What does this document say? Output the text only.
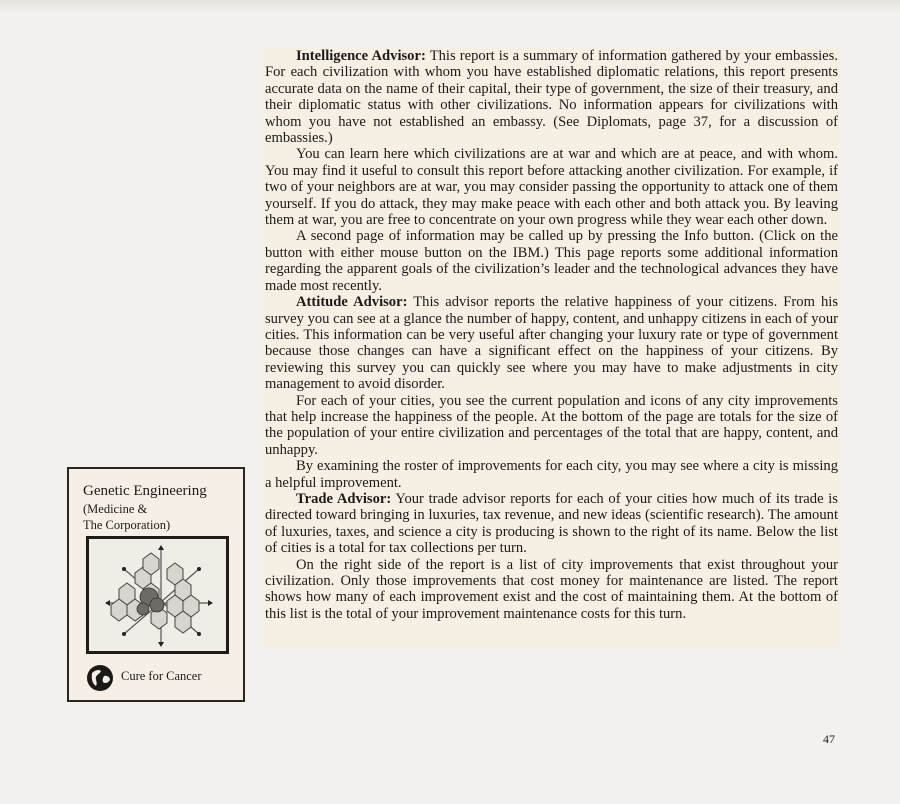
Intelligence Advisor: This report is a summary of information gathered by your embassies. For each civilization with whom you have established diplomatic relations, this report presents accurate data on the name of their capital, their type of government, the size of their treasury, and their diplomatic status with other civilizations. No information appears for civilizations with whom you have not established an embassy. (See Diplomats, page 37, for a discussion of embassies.)

You can learn here which civilizations are at war and which are at peace, and with whom. You may find it useful to consult this report before attacking another civilization. For example, if two of your neighbors are at war, you may consider passing the opportunity to attack one of them yourself. If you do attack, they may make peace with each other and both attack you. By leaving them at war, you are free to concentrate on your own progress while they wear each other down.

A second page of information may be called up by pressing the Info button. (Click on the button with either mouse button on the IBM.) This page reports some additional information regarding the apparent goals of the civilization’s leader and the technological advances they have made most recently.

Attitude Advisor: This advisor reports the relative happiness of your citizens. From his survey you can see at a glance the number of happy, content, and unhappy citizens in each of your cities. This information can be very useful after changing your luxury rate or type of government because those changes can have a significant effect on the happiness of your citizens. By reviewing this survey you can quickly see where you may have to make adjustments in city management to avoid disorder.

For each of your cities, you see the current population and icons of any city improvements that help increase the happiness of the people. At the bottom of the page are totals for the size of the population of your entire civilization and percentages of the total that are happy, content, and unhappy.

By examining the roster of improvements for each city, you may see where a city is missing a helpful improvement.

Trade Advisor: Your trade advisor reports for each of your cities how much of its trade is directed toward bringing in luxuries, tax revenue, and new ideas (scientific research). The amount of luxuries, taxes, and science a city is producing is shown to the right of its name. Below the list of cities is a total for tax collections per turn.

On the right side of the report is a list of city improvements that exist throughout your civilization. Only those improvements that cost money for maintenance are listed. The report shows how many of each improvement exist and the cost of maintaining them. At the bottom of this list is the total of your improvement maintenance costs for this turn.

Genetic Engineering
(Medicine &
The Corporation)
Cure for Cancer
47
